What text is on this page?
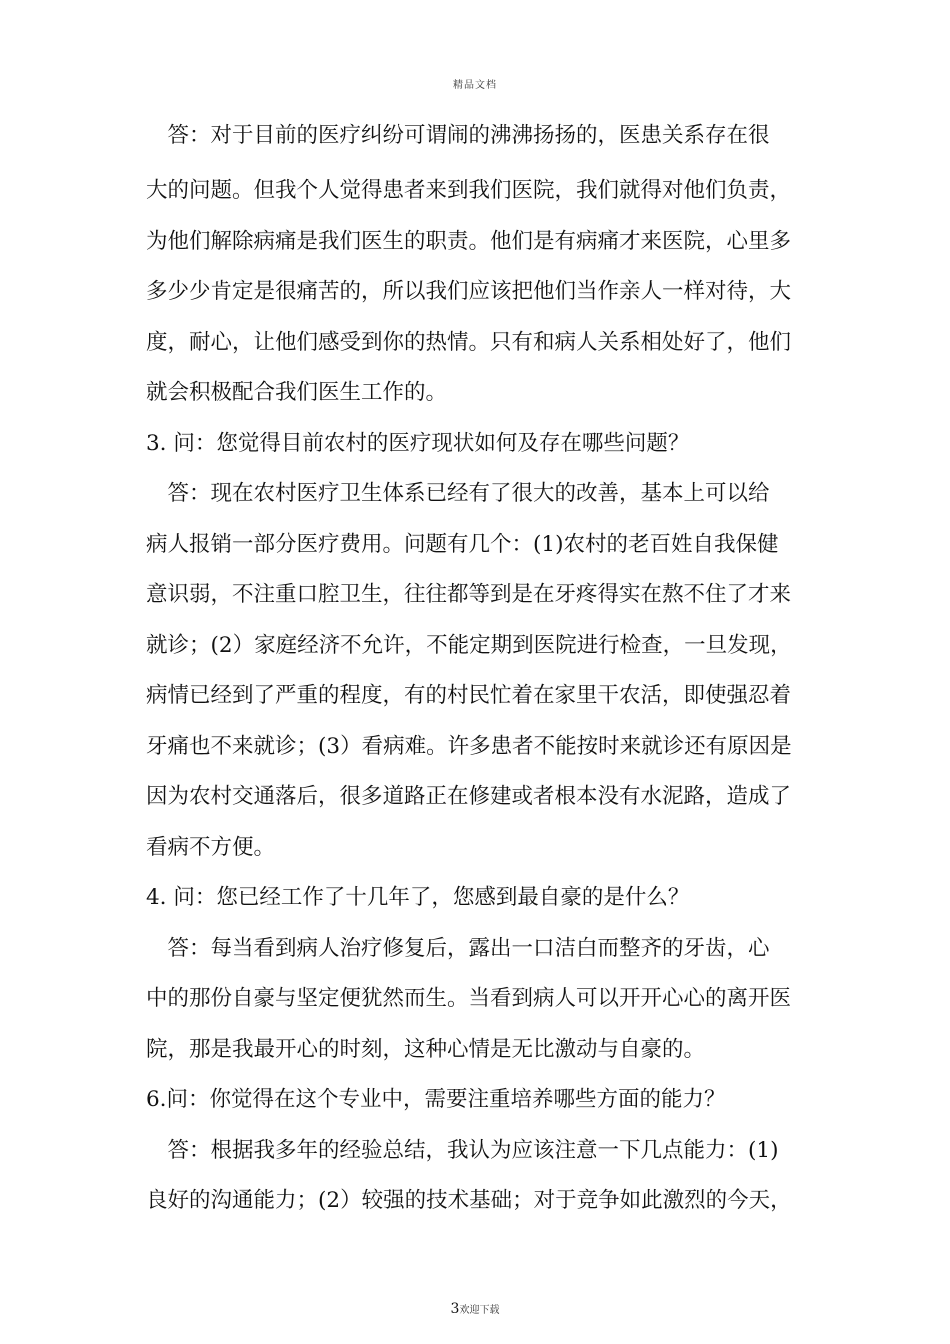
精品文档
　答：对于目前的医疗纠纷可谓闹的沸沸扬扬的，医患关系存在很
大的问题。但我个人觉得患者来到我们医院，我们就得对他们负责，
为他们解除病痛是我们医生的职责。他们是有病痛才来医院，心里多
多少少肯定是很痛苦的，所以我们应该把他们当作亲人一样对待，大
度，耐心，让他们感受到你的热情。只有和病人关系相处好了，他们
就会积极配合我们医生工作的。
3. 问：您觉得目前农村的医疗现状如何及存在哪些问题？
　答：现在农村医疗卫生体系已经有了很大的改善，基本上可以给
病人报销一部分医疗费用。问题有几个：(1)农村的老百姓自我保健
意识弱，不注重口腔卫生，往往都等到是在牙疼得实在熬不住了才来
就诊；(2）家庭经济不允许，不能定期到医院进行检查，一旦发现，
病情已经到了严重的程度，有的村民忙着在家里干农活，即使强忍着
牙痛也不来就诊；(3）看病难。许多患者不能按时来就诊还有原因是
因为农村交通落后，很多道路正在修建或者根本没有水泥路，造成了
看病不方便。
4. 问：您已经工作了十几年了，您感到最自豪的是什么？
　答：每当看到病人治疗修复后，露出一口洁白而整齐的牙齿，心
中的那份自豪与坚定便犹然而生。当看到病人可以开开心心的离开医
院，那是我最开心的时刻，这种心情是无比激动与自豪的。
6.问：你觉得在这个专业中，需要注重培养哪些方面的能力？
　答：根据我多年的经验总结，我认为应该注意一下几点能力：(1)
良好的沟通能力；(2）较强的技术基础；对于竞争如此激烈的今天，
3欢迎下载
